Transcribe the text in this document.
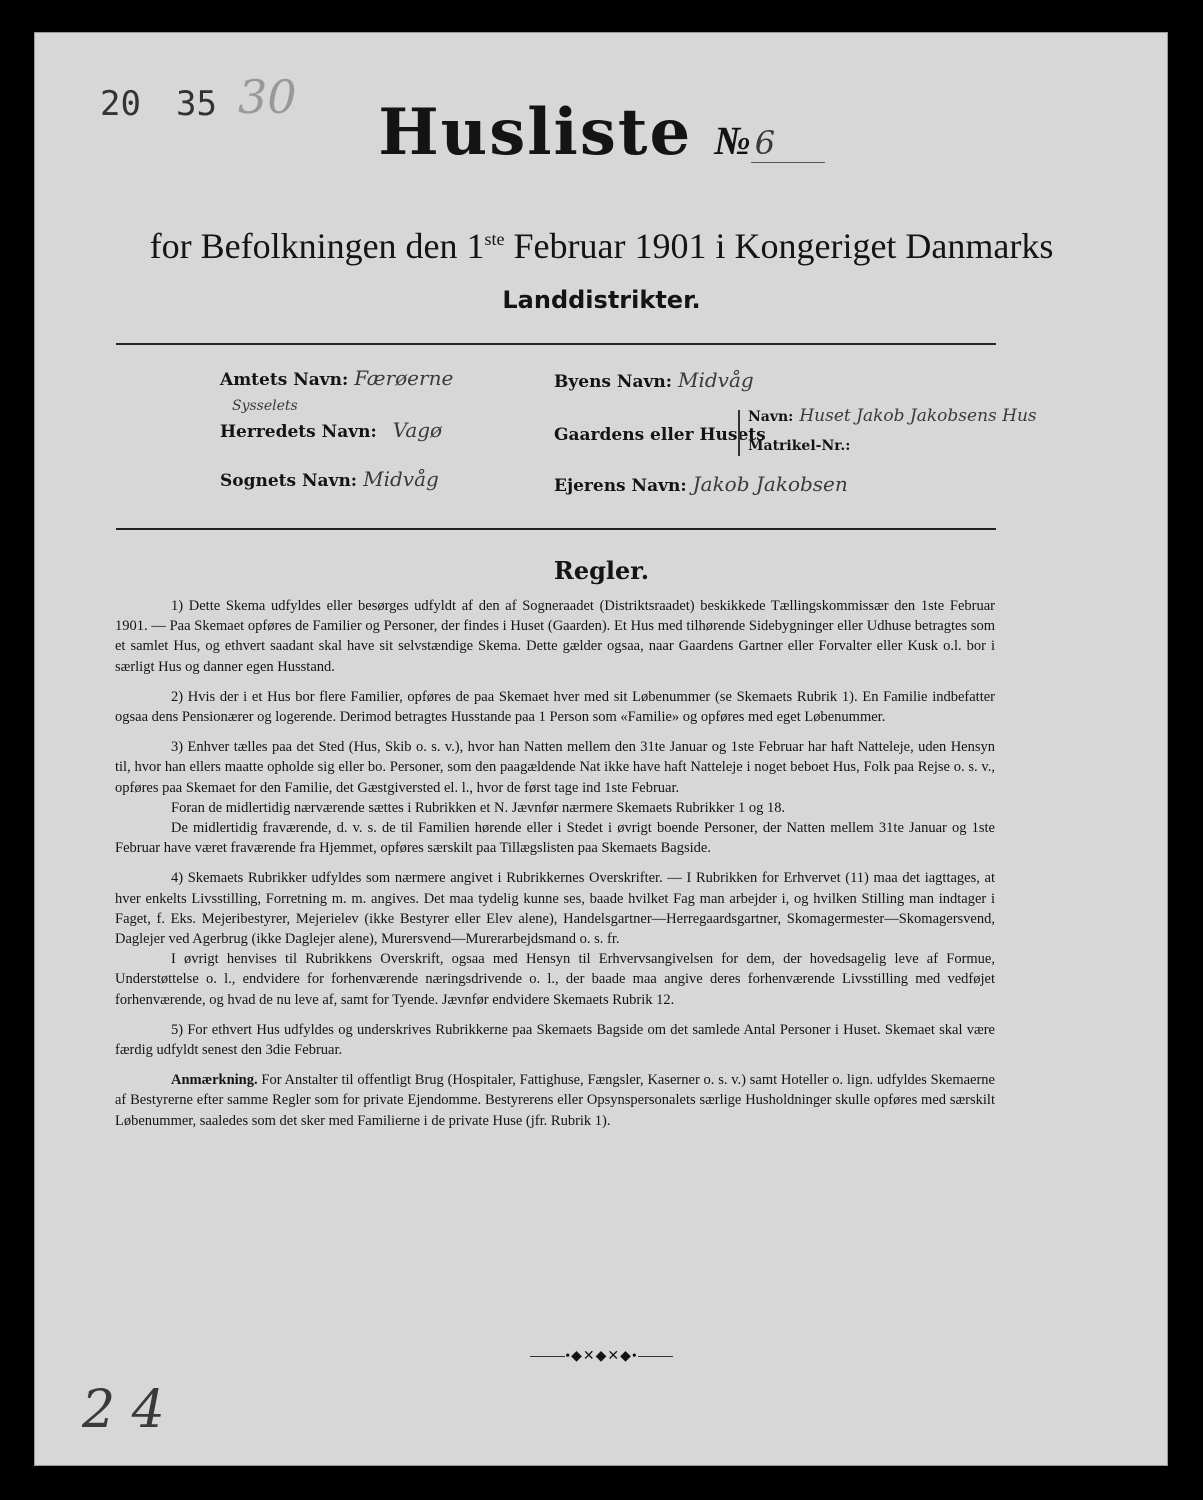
20 35 30	Husliste № 6
for Befolkningen den 1ste Februar 1901 i Kongeriget Danmarks
Landdistrikter.
Amtets Navn: Færøerne
Sysselets
Herredets Navn: Vagø
Sognets Navn: Midvåg
Byens Navn: Midvåg
Gaardens eller Husets
Navn: Huset Jakob Jakobsens Hus
Matrikel-Nr.:
Ejerens Navn: Jakob Jakobsen
Regler.

1) Dette Skema udfyldes eller besørges udfyldt af den af Sogneraadet (Distriktsraadet) beskikkede Tællingskommissær den 1ste Februar 1901. — Paa Skemaet opføres de Familier og Personer, der findes i Huset (Gaarden). Et Hus med tilhørende Sidebygninger eller Udhuse betragtes som et samlet Hus, og ethvert saadant skal have sit selvstændige Skema. Dette gælder ogsaa, naar Gaardens Gartner eller Forvalter eller Kusk o.l. bor i særligt Hus og danner egen Husstand.

2) Hvis der i et Hus bor flere Familier, opføres de paa Skemaet hver med sit Løbenummer (se Skemaets Rubrik 1). En Familie indbefatter ogsaa dens Pensionærer og logerende. Derimod betragtes Husstande paa 1 Person som «Familie» og opføres med eget Løbenummer.

3) Enhver tælles paa det Sted (Hus, Skib o. s. v.), hvor han Natten mellem den 31te Januar og 1ste Februar har haft Natteleje, uden Hensyn til, hvor han ellers maatte opholde sig eller bo. Personer, som den paagældende Nat ikke have haft Natteleje i noget beboet Hus, Folk paa Rejse o. s. v., opføres paa Skemaet for den Familie, det Gæstgiversted el. l., hvor de først tage ind 1ste Februar.

Foran de midlertidig nærværende sættes i Rubrikken et N. Jævnfør nærmere Skemaets Rubrikker 1 og 18.

De midlertidig fraværende, d. v. s. de til Familien hørende eller i Stedet i øvrigt boende Personer, der Natten mellem 31te Januar og 1ste Februar have været fraværende fra Hjemmet, opføres særskilt paa Tillægslisten paa Skemaets Bagside.

4) Skemaets Rubrikker udfyldes som nærmere angivet i Rubrikkernes Overskrifter. — I Rubrikken for Erhvervet (11) maa det iagttages, at hver enkelts Livsstilling, Forretning m. m. angives. Det maa tydelig kunne ses, baade hvilket Fag man arbejder i, og hvilken Stilling man indtager i Faget, f. Eks. Mejeribestyrer, Mejerielev (ikke Bestyrer eller Elev alene), Handelsgartner—Herregaardsgartner, Skomagermester—Skomagersvend, Daglejer ved Agerbrug (ikke Daglejer alene), Murersvend—Murerarbejdsmand o. s. fr.

I øvrigt henvises til Rubrikkens Overskrift, ogsaa med Hensyn til Erhvervsangivelsen for dem, der hovedsagelig leve af Formue, Understøttelse o. l., endvidere for forhenværende næringsdrivende o. l., der baade maa angive deres forhenværende Livsstilling med vedføjet forhenværende, og hvad de nu leve af, samt for Tyende. Jævnfør endvidere Skemaets Rubrik 12.

5) For ethvert Hus udfyldes og underskrives Rubrikkerne paa Skemaets Bagside om det samlede Antal Personer i Huset. Skemaet skal være færdig udfyldt senest den 3die Februar.

Anmærkning. For Anstalter til offentligt Brug (Hospitaler, Fattighuse, Fængsler, Kaserner o. s. v.) samt Hoteller o. lign. udfyldes Skemaerne af Bestyrerne efter samme Regler som for private Ejendomme. Bestyrerens eller Opsynspersonalets særlige Husholdninger skulle opføres med særskilt Løbenummer, saaledes som det sker med Familierne i de private Huse (jfr. Rubrik 1).

•◆✕◆✕◆•
2 4
